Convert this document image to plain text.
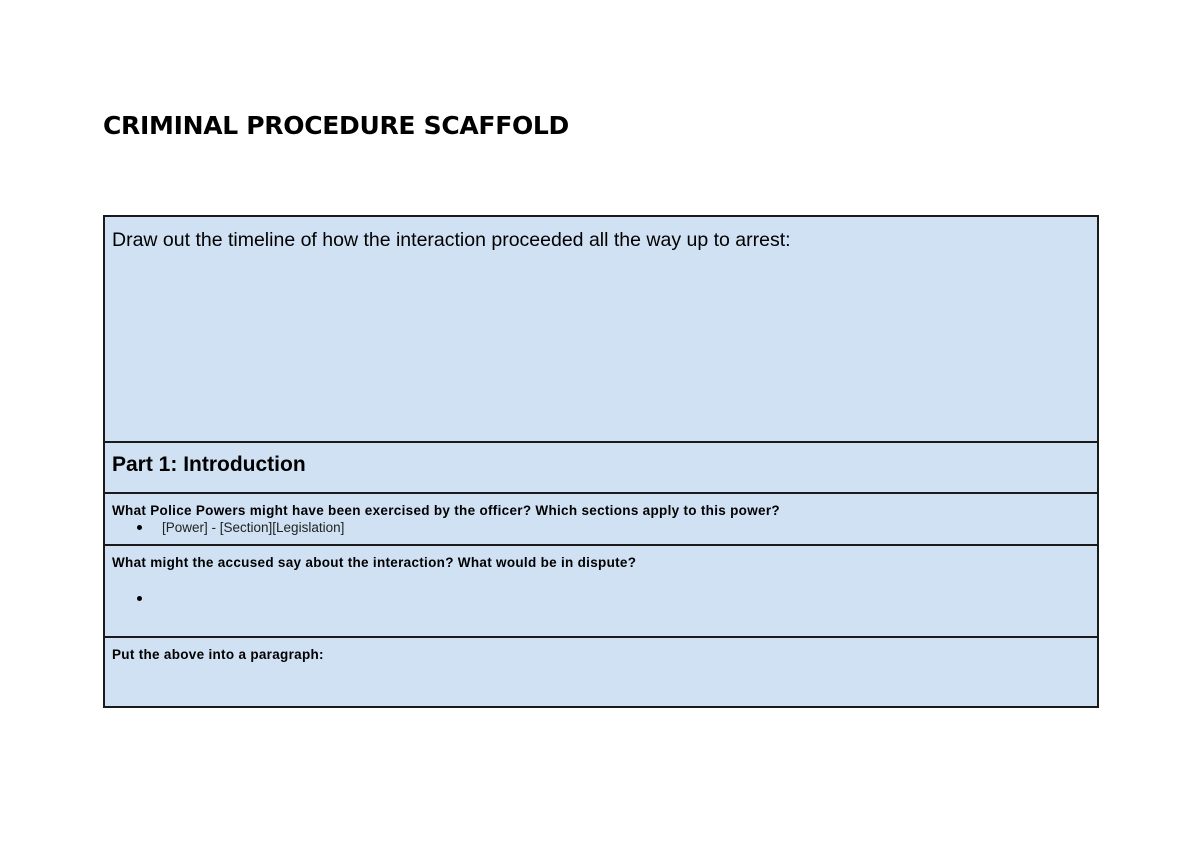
CRIMINAL PROCEDURE SCAFFOLD
Draw out the timeline of how the interaction proceeded all the way up to arrest:

Part 1: Introduction

What Police Powers might have been exercised by the officer? Which sections apply to this power?
[Power] - [Section][Legislation]

What might the accused say about the interaction? What would be in dispute?

Put the above into a paragraph:
